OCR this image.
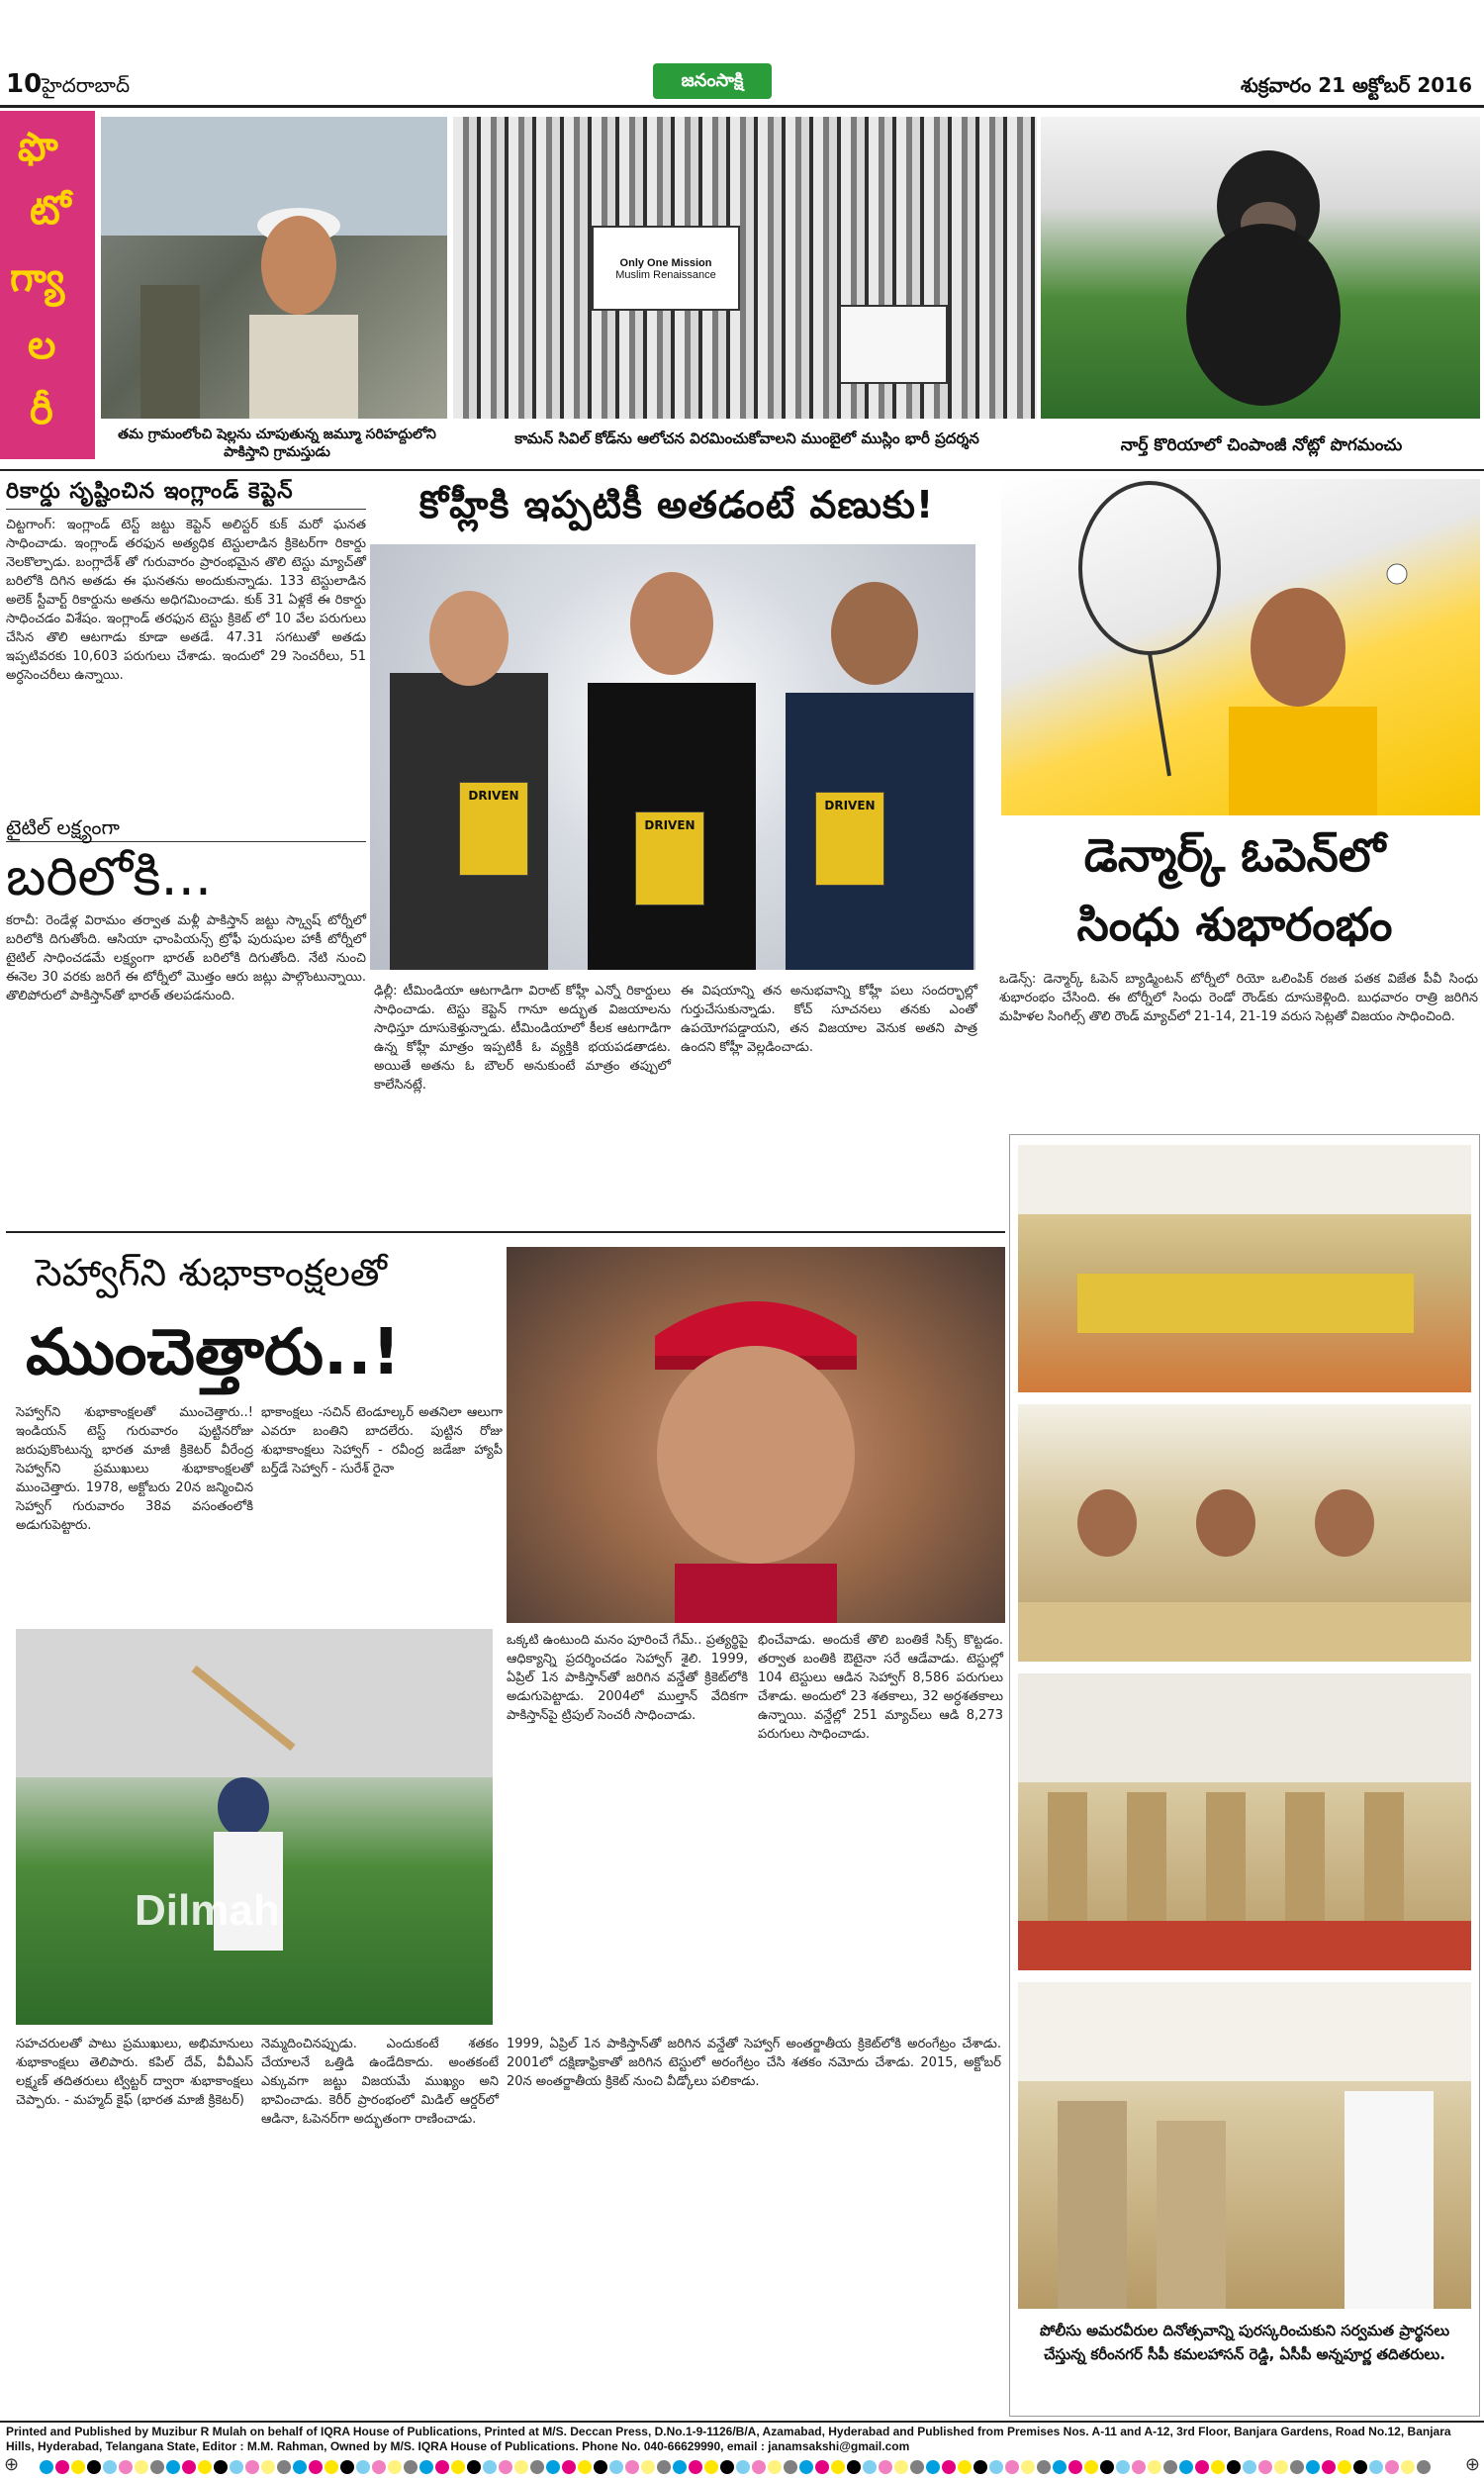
10 హైదరాబాద్	జనంసాక్షి	శుక్రవారం 21 అక్టోబర్ 2016
ఫొ
టో
గ్యా
ల
రీ
Only One Mission
Muslim Renaissance
తమ గ్రామంలోంచి షెల్లను చూపుతున్న జమ్మూ సరిహద్దులోని పాకిస్తాని గ్రామస్తుడు
కామన్ సివిల్ కోడ్‌ను ఆలోచన విరమించుకోవాలని ముంబైలో ముస్లిం భారీ ప్రదర్శన	నార్త్ కొరియాలో చింపాంజీ నోట్లో పొగమంచు
రికార్డు సృష్టించిన ఇంగ్లాండ్ కెప్టెన్
చిట్టగాంగ్: ఇంగ్లాండ్ టెస్ట్ జట్టు కెప్టెన్ అలిస్టర్ కుక్ మరో ఘనత సాధించాడు. ఇంగ్లాండ్ తరఫున అత్యధిక టెస్టులాడిన క్రికెటర్‌గా రికార్డు నెలకొల్పాడు. బంగ్లాదేశ్ తో గురువారం ప్రారంభమైన తొలి టెస్టు మ్యాచ్‌తో బరిలోకి దిగిన అతడు ఈ ఘనతను అందుకున్నాడు. 133 టెస్టులాడిన అలెక్ స్టీవార్ట్ రికార్డును అతను అధిగమించాడు. కుక్ 31 ఏళ్లకే ఈ రికార్డు సాధించడం విశేషం. ఇంగ్లాండ్ తరఫున టెస్టు క్రికెట్ లో 10 వేల పరుగులు చేసిన తొలి ఆటగాడు కూడా అతడే. 47.31 సగటుతో అతడు ఇప్పటివరకు 10,603 పరుగులు చేశాడు. ఇందులో 29 సెంచరీలు, 51 అర్ధసెంచరీలు ఉన్నాయి.
కోహ్లీకి ఇప్పటికీ అతడంటే వణుకు!
DRIVEN
DRIVEN
DRIVEN
ఢిల్లీ: టీమిండియా ఆటగాడిగా విరాట్ కోహ్లీ ఎన్నో రికార్డులు సాధించాడు. టెస్టు కెప్టెన్ గానూ అద్భుత విజయాలను సాధిస్తూ దూసుకెళ్తున్నాడు. టీమిండియాలో కీలక ఆటగాడిగా ఉన్న కోహ్లీ మాత్రం ఇప్పటికీ ఓ వ్యక్తికి భయపడతాడట. అయితే అతను ఓ బౌలర్ అనుకుంటే మాత్రం తప్పులో కాలేసినట్లే.
ఈ విషయాన్ని తన అనుభవాన్ని కోహ్లీ పలు సందర్భాల్లో గుర్తుచేసుకున్నాడు. కోచ్ సూచనలు తనకు ఎంతో ఉపయోగపడ్డాయని, తన విజయాల వెనుక అతని పాత్ర ఉందని కోహ్లీ వెల్లడించాడు.
టైటిల్ లక్ష్యంగా
బరిలోకి...
కరాచీ: రెండేళ్ల విరామం తర్వాత మళ్లీ పాకిస్తాన్ జట్టు స్క్వాష్ టోర్నీలో బరిలోకి దిగుతోంది. ఆసియా ఛాంపియన్స్ ట్రోఫీ పురుషుల హాకీ టోర్నీలో టైటిల్ సాధించడమే లక్ష్యంగా భారత్ బరిలోకి దిగుతోంది. నేటి నుంచి ఈనెల 30 వరకు జరిగే ఈ టోర్నీలో మొత్తం ఆరు జట్లు పాల్గొంటున్నాయి. తొలిపోరులో పాకిస్తాన్‌తో భారత్ తలపడనుంది.
డెన్మార్క్ ఓపెన్‌లో
సింధు శుభారంభం
ఒడెన్స్: డెన్మార్క్ ఓపెన్ బ్యాడ్మింటన్ టోర్నీలో రియో ఒలింపిక్ రజత పతక విజేత పీవీ సింధు శుభారంభం చేసింది. ఈ టోర్నీలో సింధు రెండో రౌండ్‌కు దూసుకెళ్లింది. బుధవారం రాత్రి జరిగిన మహిళల సింగిల్స్ తొలి రౌండ్ మ్యాచ్‌లో 21-14, 21-19 వరుస సెట్లతో విజయం సాధించింది.
సెహ్వాగ్‌ని శుభాకాంక్షలతో
ముంచెత్తారు..!
సెహ్వాగ్‌ని శుభాకాంక్షలతో ముంచెత్తారు..! ఇండియన్ టెస్ట్ గురువారం పుట్టినరోజు జరుపుకొంటున్న భారత మాజీ క్రికెటర్ వీరేంద్ర సెహ్వాగ్‌ని ప్రముఖులు శుభాకాంక్షలతో ముంచెత్తారు. 1978, అక్టోబరు 20న జన్మించిన సెహ్వాగ్ గురువారం 38వ వసంతంలోకి అడుగుపెట్టారు.
భాకాంక్షలు -సచిన్ టెండూల్కర్ అతనిలా ఆలుగా ఎవరూ బంతిని బాదలేరు. పుట్టిన రోజు శుభాకాంక్షలు సెహ్వాగ్ - రవీంద్ర జడేజా హ్యాపీ బర్త్‌డే సెహ్వాగ్ - సురేశ్ రైనా
Dilmah
ఒక్కటి ఉంటుంది మనం పూరించే గేమ్.. ప్రత్యర్థిపై ఆధిక్యాన్ని ప్రదర్శించడం సెహ్వాగ్ శైలి. 1999, ఏప్రిల్ 1న పాకిస్తాన్‌తో జరిగిన వన్డేతో క్రికెట్‌లోకి అడుగుపెట్టాడు. 2004లో ముల్తాన్ వేదికగా పాకిస్తాన్‌పై ట్రిపుల్ సెంచరీ సాధించాడు.
భించేవాడు. అందుకే తొలి బంతికే సిక్స్ కొట్టడం. తర్వాత బంతికి ఔటైనా సరే ఆడేవాడు. టెస్టుల్లో 104 టెస్టులు ఆడిన సెహ్వాగ్ 8,586 పరుగులు చేశాడు. అందులో 23 శతకాలు, 32 అర్ధశతకాలు ఉన్నాయి. వన్డేల్లో 251 మ్యాచ్‌లు ఆడి 8,273 పరుగులు సాధించాడు.
సహచరులతో పాటు ప్రముఖులు, అభిమానులు శుభాకాంక్షలు తెలిపారు. కపిల్ దేవ్, వీవీఎస్ లక్ష్మణ్ తదితరులు ట్విట్టర్ ద్వారా శుభాకాంక్షలు చెప్పారు. - మహ్మద్ కైఫ్ (భారత మాజీ క్రికెటర్)
నెమ్మదించినప్పుడు. ఎందుకంటే శతకం చేయాలనే ఒత్తిడి ఉండేదికాదు. అంతకంటే ఎక్కువగా జట్టు విజయమే ముఖ్యం అని భావించాడు. కెరీర్ ప్రారంభంలో మిడిల్ ఆర్డర్‌లో ఆడినా, ఓపెనర్‌గా అద్భుతంగా రాణించాడు.
1999, ఏప్రిల్ 1న పాకిస్తాన్‌తో జరిగిన వన్డేతో సెహ్వాగ్ అంతర్జాతీయ క్రికెట్‌లోకి అరంగేట్రం చేశాడు. 2001లో దక్షిణాఫ్రికాతో జరిగిన టెస్టులో అరంగేట్రం చేసి శతకం నమోదు చేశాడు. 2015, అక్టోబర్ 20న అంతర్జాతీయ క్రికెట్ నుంచి వీడ్కోలు పలికాడు.
పోలీసు అమరవీరుల దినోత్సవాన్ని పురస్కరించుకుని సర్వమత ప్రార్థనలు చేస్తున్న కరీంనగర్ సీపీ కమలహాసన్ రెడ్డి, ఏసీపీ అన్నపూర్ణ తదితరులు.
Printed and Published by Muzibur R Mulah on behalf of IQRA House of Publications, Printed at M/S. Deccan Press, D.No.1-9-1126/B/A, Azamabad, Hyderabad and Published from Premises Nos. A-11 and A-12, 3rd Floor, Banjara Gardens, Road No.12, Banjara Hills, Hyderabad, Telangana State, Editor : M.M. Rahman, Owned by M/S. IQRA House of Publications. Phone No. 040-66629990, email : janamsakshi@gmail.com
⊕	⊕
